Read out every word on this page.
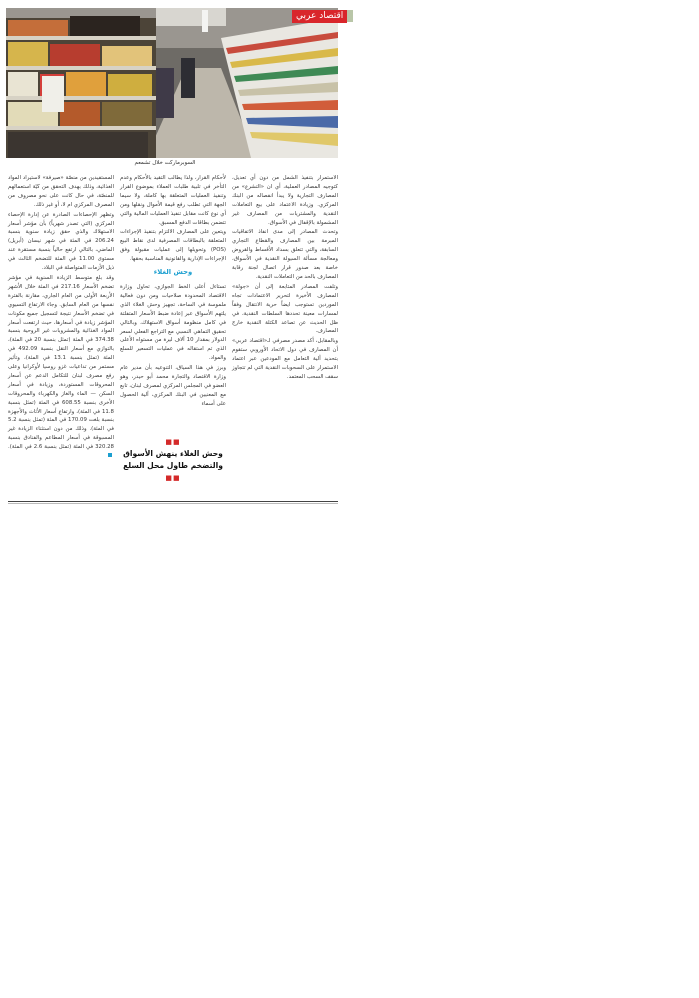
اقتصاد عربي
السوبرماركت خلال تشمعم

الاستمرار بتنفيذ الشمل من دون أي تعديل، كتوجيه المصادر العملية، أي ان «التشرع» من المصارف التجارية ولا يبدأ انفصاله من البنك المركزي. وزيادة الاعتماد على بيع التعاملات النقدية والمشتريات من المصارف غير المشمولة بالإقفال في الأسواق.

وتحدث المصادر إلى مدى انفاذ الاتفاقيات المبرمة بين المصارف والقطاع التجاري السابقة، والتي تتعلق بسداد الأقساط والقروض ومعالجة مسألة السيولة النقدية في الأسواق، خاصة بعد صدور قرار اتصال لجنة رقابة المصارف بالحد من التعاملات النقدية.

وتلفت المصادر المتابعة إلى أن «جولة» المصارف الأخيرة لتحرير الاعتمادات تجاه الموردين تستوجب ايضاً حرية الانتقال وفقاً لمسارات معينة تحددها السلطات النقدية، في ظل الحديث عن تصاعد الكتلة النقدية خارج المصارف.

وبالمقابل، أكد مصدر مصرفي لـ«اقتصاد عربي» أن المصارف في دول الاتحاد الأوروبي ستقوم بتحديد آلية التعامل مع المودعين عبر اعتماد الاستمرار على السحوبات النقدية التي لم تتجاوز سقف السحب المعتمد.

لأحكام القرار، ولذا يطالب التقيد بالأحكام وعدم التأخر في تلبية طلبات العملاء بموضوع القرار وتنفيذ العمليات المتعلقة بها كاملة، ولا سيما الجهة التي تطلب رفع قيمة الأموال ونقلها ومن أي نوع كانت مقابل تنفيذ العمليات المالية والتي تتضمن بطاقات الدفع المسبق.

ويتعين على المصارف الالتزام بتنفيذ الإجراءات المتعلقة بالبطاقات المصرفية لدى نقاط البيع (POS) وتحويلها إلى عمليات مقبولة وفق الإجراءات الإدارية والقانونية المناسبة بحقها.

وحش الغلاء

تستاءل أعلى الخط الجوازي، تحاول وزارة الاقتصاد المحدودة صلاحيات ومن دون فعالية ملموسة في الساحة، تجهيز وحش الغلاء الذي يلتهم الأسواق عبر إعادة ضبط الأسعار المتفلتة في كامل منظومة أسواق الاستهلاك، وبالتالي تحقيق التماهي النسبي مع التراجع الفعلي لسعر الدولار بمقدار 10 آلاف ليرة من مستواه الأعلى الذي تم استقاله في عمليات التسعير للسلع والمواد.

وبرز في هذا السياق، التنوعيه بأن مدير عام وزارة الاقتصاد والتجارة محمد أبو حيدر، وهو العضو في المجلس المركزي لمصرف لبنان، تابع مع المعنيين في البنك المركزي، آلية الحصول على أسماء

■■
وحش الغلاء ينهش الأسواق والتضخم طاول محل السلع
■■

المستفيدين من منصّة «صيرفة» لاستيراد المواد الغذائية، وذلك بهدف التحقق من كيّة استعمالهم للمنصّة، في حال كانت على نحو مصروف من المصرف المركزي ام لا، أو غير ذلك.

وتظهر الإحصاءات الصادرة عن إدارة الإحصاء المركزي (التي تصدر شهرياً) بأن مؤشر أسعار الاستهلاك والذي حقق زيادة سنوية بنسبة 206.24 في المئة في شهر نيسان (أبريل) الماضي، بالتالي ارتفع حالياً بنسبة مستقرة عند مستوى 11.00 في المئة للتضخم الثالث في ذيل الأزمات المتواصلة في البلاد.

وقد بلغ متوسط الزيادة السنوية في مؤشر تضخم الأسعار 217.16 في المئة خلال الأشهر الأربعة الأولى من العام الجاري، مقارنة بالفترة نفسها من العام السابق. وجاء الارتفاع التسيوي في تضخم الأسعار نتيجة لتسجيل جميع مكونات المؤشر زيادة في أسعارها، حيث ارتفعت أسعار المواد الغذائية والمشروبات غير الروحية بنسبة 374.38 في المئة (تمثل بنسبة 20 في المئة)، بالتوازي مع أسعار النقل بنسبة 492.09 في المئة (تمثل بنسبة 13.1 في المئة)، وتأثير مستمر من تداعيات غزو روسيا لأوكرانيا وعلى رفع مصرف لبنان للتكامل الدعم عن أسعار المحروقات المستوردة، وزيادة في أسعار السكن — الماء والغاز والكهرباء والمحروقات الأخرى بنسبة 608.55 في المئة (تمثل بنسبة 11.8 في المئة)، وارتفاع أسعار الأثاث والأجهزة بنسبة بلغت 170.09 في المئة (تمثل بنسبة 5.2 في المئة). وذلك من دون استثناء الزيادة غير المسبوقة في أسعار المطاعم والفنادق بنسبة 320.28 في المئة (تمثل بنسبة 2.6 في المئة).
